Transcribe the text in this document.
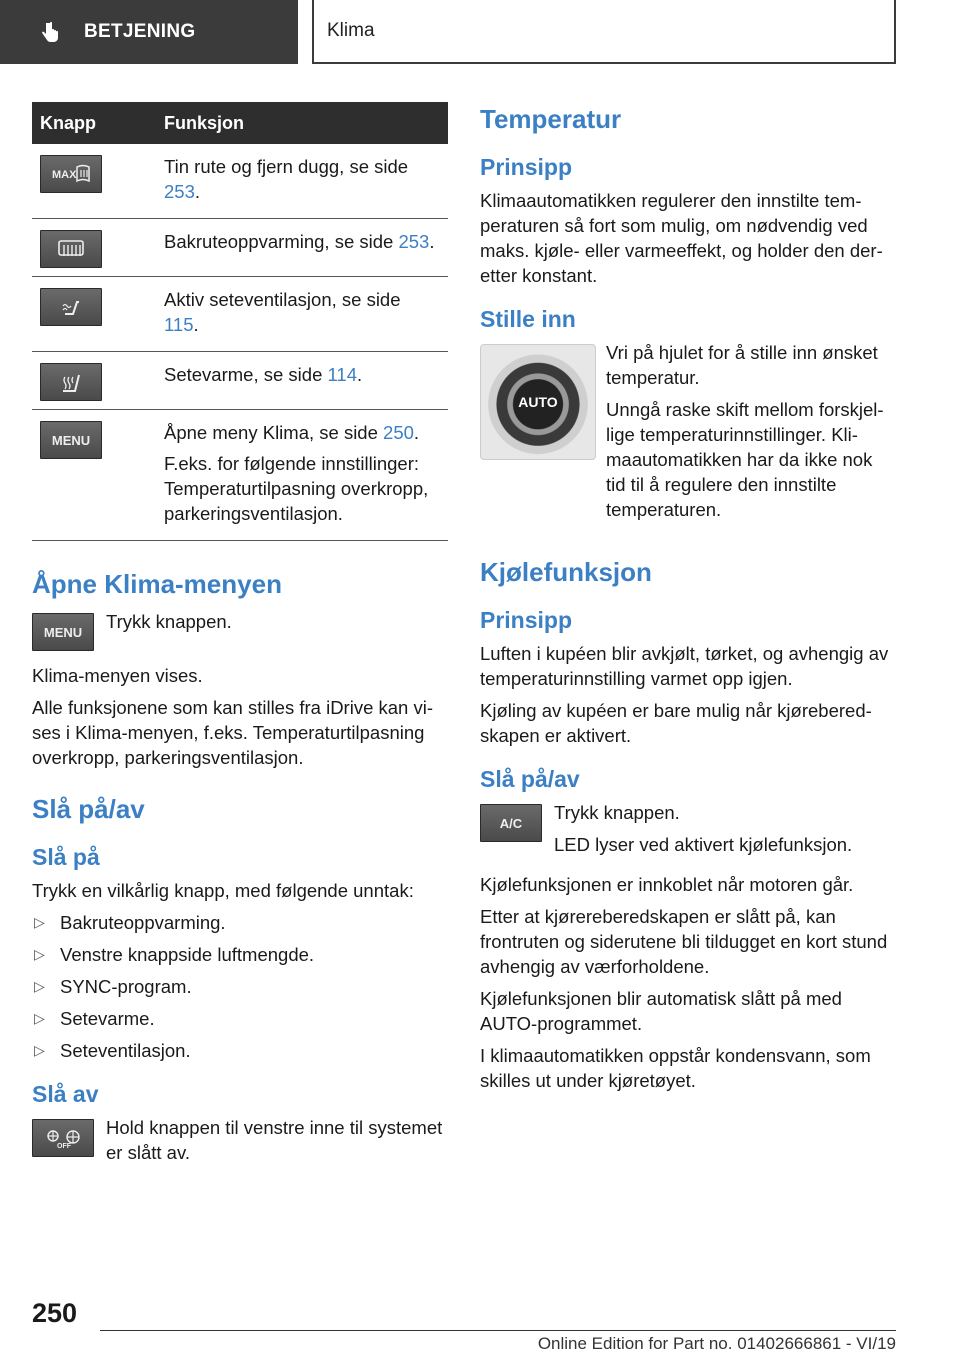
BETJENING	Klima
Knapp	Funksjon

MAX	Tin rute og fjern dugg, se side 253.

Bakruteoppvarming, se side 253.

Aktiv seteventilasjon, se side 115.

Setevarme, se side 114.

MENU	Åpne meny Klima, se side 250.

F.eks. for følgende innstillinger: Temperaturtilpasning overkropp, parkeringsventilasjon.

Åpne Klima-menyen
MENU	Trykk knappen.

Klima-menyen vises.

Alle funksjonene som kan stilles fra iDrive kan vises i Klima-menyen, f.eks. Temperaturtilpasning overkropp, parkeringsventilasjon.

Slå på/av
Slå på

Trykk en vilkårlig knapp, med følgende unntak:

▷ Bakruteoppvarming.
▷ Venstre knappside luftmengde.
▷ SYNC-program.
▷ Setevarme.
▷ Seteventilasjon.
Slå av
OFF

Hold knappen til venstre inne til systemet er slått av.

Temperatur
Prinsipp

Klimaautomatikken regulerer den innstilte temperaturen så fort som mulig, om nødvendig ved maks. kjøle- eller varmeeffekt, og holder den deretter konstant.

Stille inn
AUTO

Vri på hjulet for å stille inn ønsket temperatur.

Unngå raske skift mellom forskjellige temperaturinnstillinger. Klimaautomatikken har da ikke nok tid til å regulere den innstilte temperaturen.

Kjølefunksjon
Prinsipp

Luften i kupéen blir avkjølt, tørket, og avhengig av temperaturinnstilling varmet opp igjen.

Kjøling av kupéen er bare mulig når kjøreberedskapen er aktivert.

Slå på/av
A/C	Trykk knappen.

LED lyser ved aktivert kjølefunksjon.

Kjølefunksjonen er innkoblet når motoren går.

Etter at kjørereberedskapen er slått på, kan frontruten og siderutene bli tildugget en kort stund avhengig av værforholdene.

Kjølefunksjonen blir automatisk slått på med AUTO-programmet.

I klimaautomatikken oppstår kondensvann, som skilles ut under kjøretøyet.

250
Online Edition for Part no. 01402666861 - VI/19
